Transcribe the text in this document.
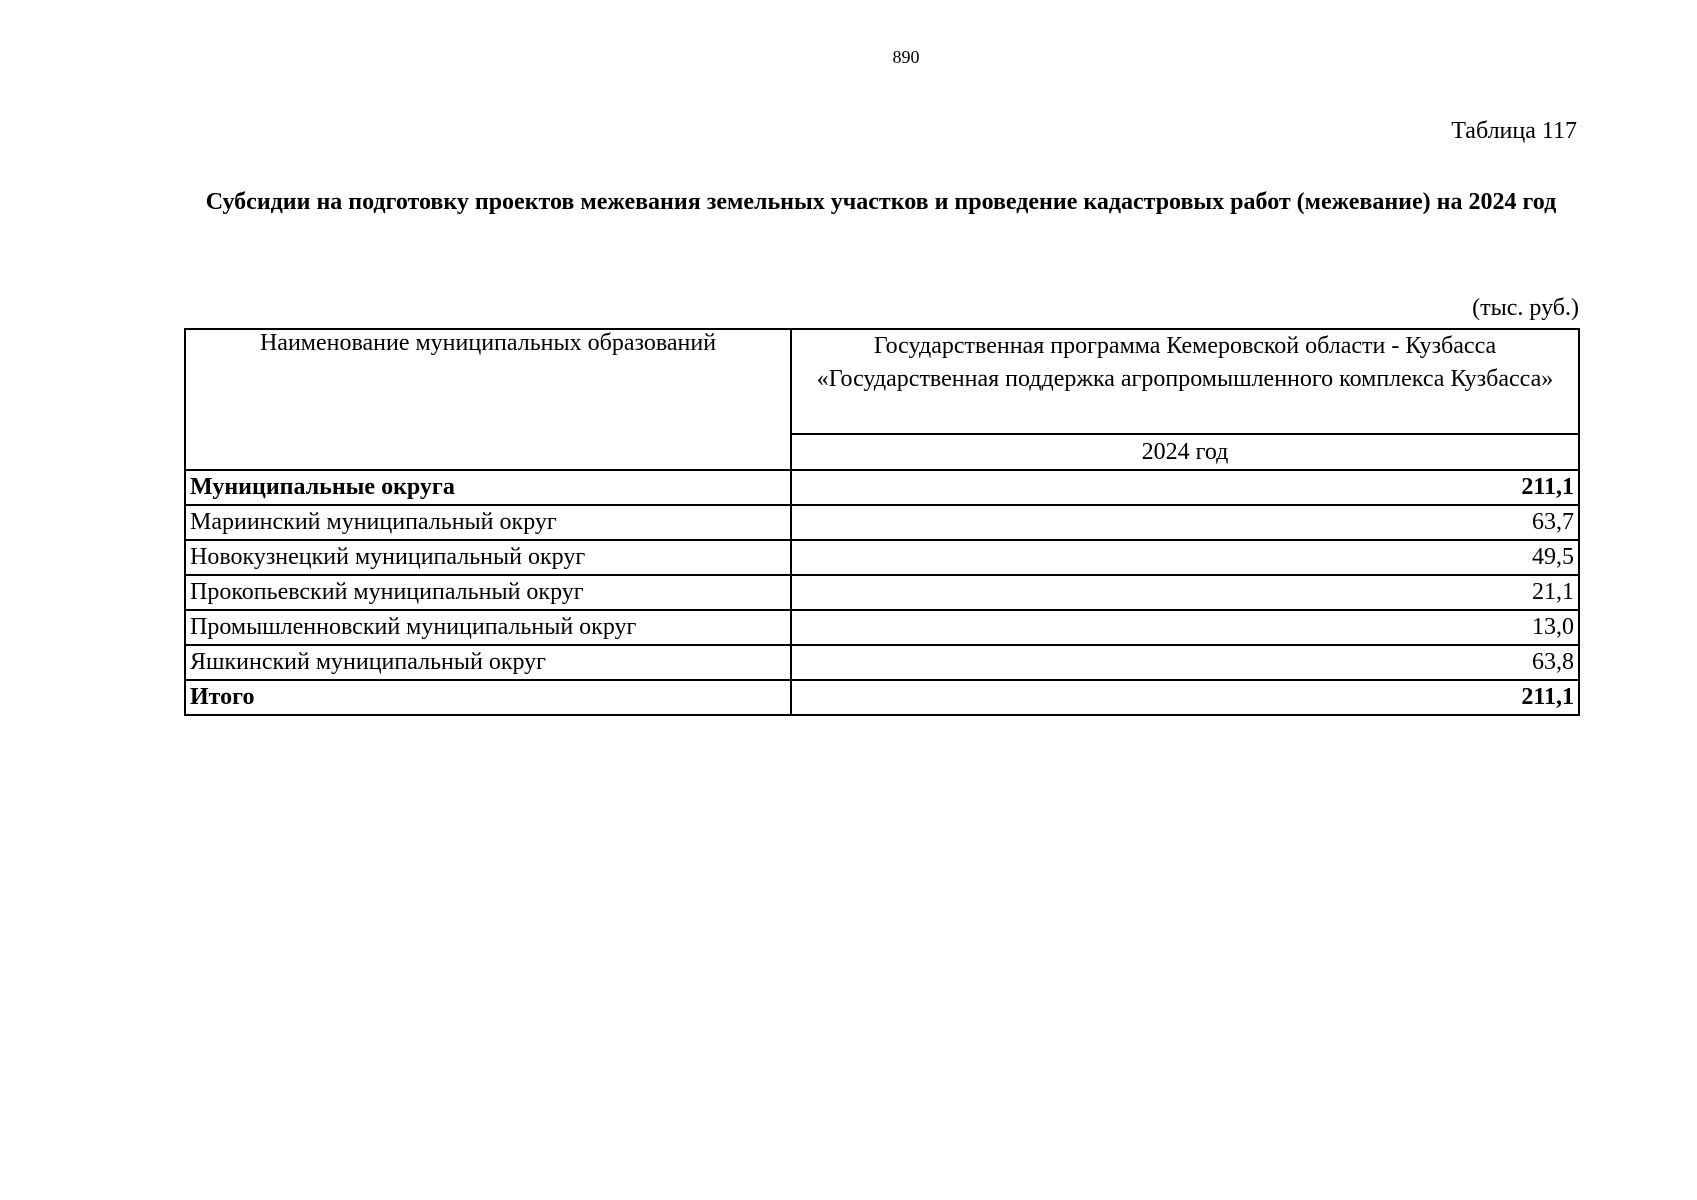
890
Таблица 117
Субсидии на подготовку проектов межевания земельных участков и проведение кадастровых работ (межевание) на 2024 год
(тыс. руб.)
Наименование муниципальных образований	Государственная программа Кемеровской области - Кузбасса «Государственная поддержка агропромышленного комплекса Кузбасса»
	2024 год
Муниципальные округа	211,1
Мариинский муниципальный округ	63,7
Новокузнецкий муниципальный округ	49,5
Прокопьевский муниципальный округ	21,1
Промышленновский муниципальный округ	13,0
Яшкинский муниципальный округ	63,8
Итого	211,1
